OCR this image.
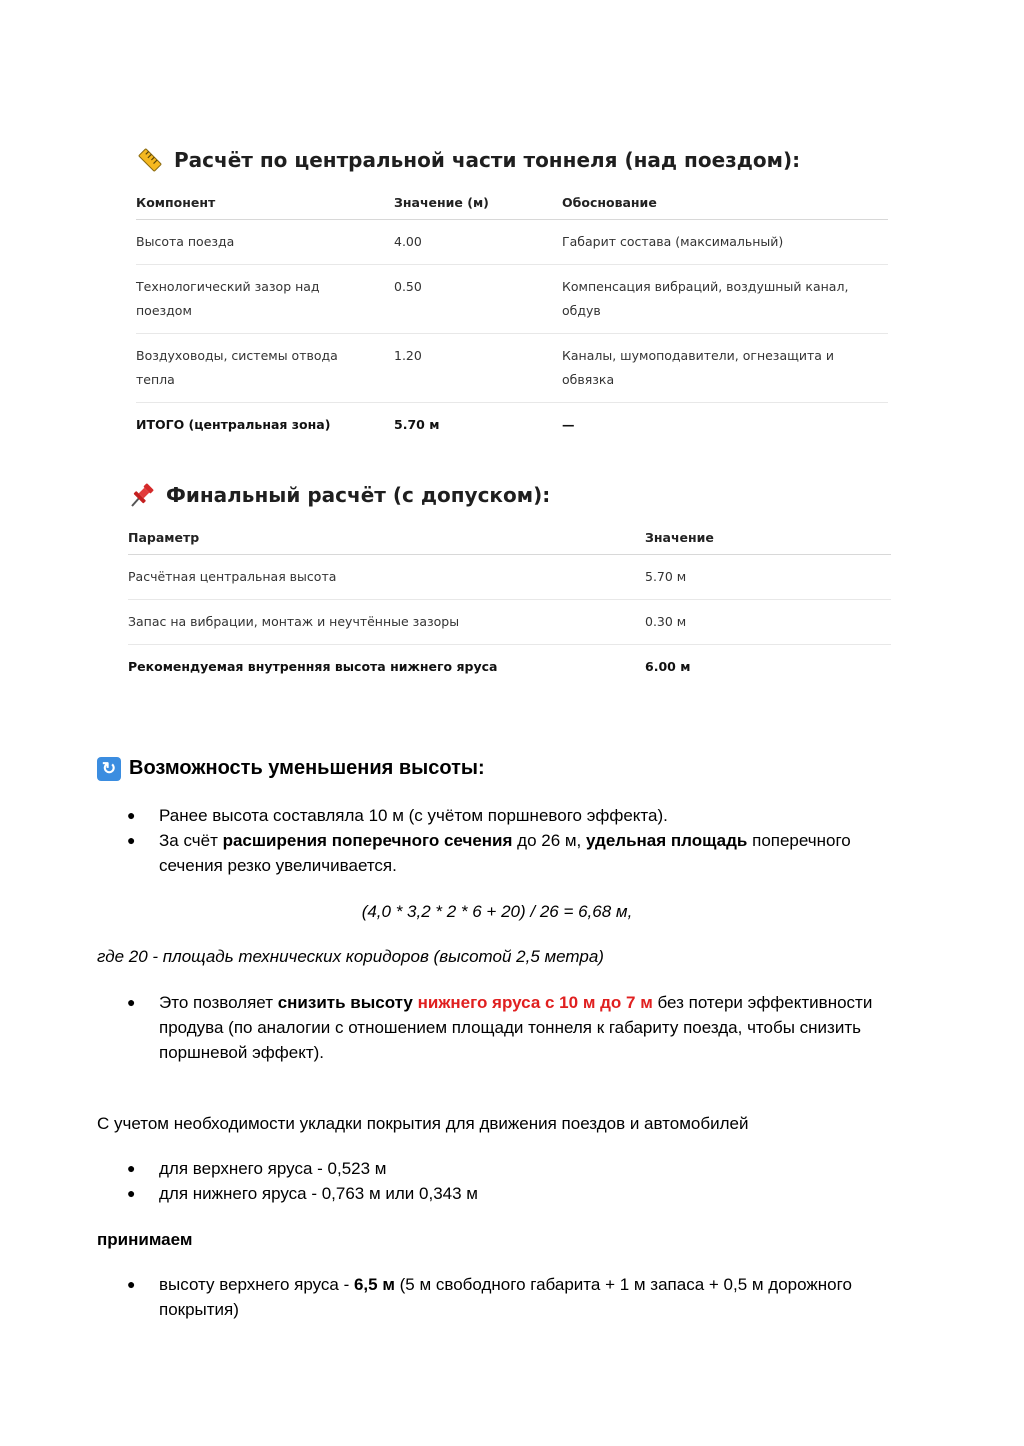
Расчёт по центральной части тоннеля (над поездом):
Компонент	Значение (м)	Обоснование
Высота поезда	4.00	Габарит состава (максимальный)
Технологический зазор над поездом	0.50	Компенсация вибраций, воздушный канал, обдув
Воздуховоды, системы отвода тепла	1.20	Каналы, шумоподавители, огнезащита и обвязка
ИТОГО (центральная зона)	5.70 м	—
Финальный расчёт (с допуском):
Параметр	Значение
Расчётная центральная высота	5.70 м
Запас на вибрации, монтаж и неучтённые зазоры	0.30 м
Рекомендуемая внутренняя высота нижнего яруса	6.00 м
↻ Возможность уменьшения высоты:
● Ранее высота составляла 10 м (с учётом поршневого эффекта).
● За счёт расширения поперечного сечения до 26 м, удельная площадь поперечного сечения резко увеличивается.
(4,0 * 3,2 * 2 * 6 + 20) / 26 = 6,68 м,
где 20 - площадь технических коридоров (высотой 2,5 метра)
● Это позволяет снизить высоту нижнего яруса с 10 м до 7 м без потери эффективности продува (по аналогии с отношением площади тоннеля к габариту поезда, чтобы снизить поршневой эффект).
С учетом необходимости укладки покрытия для движения поездов и автомобилей
● для верхнего яруса - 0,523 м
● для нижнего яруса - 0,763 м или 0,343 м
принимаем
● высоту верхнего яруса - 6,5 м (5 м свободного габарита + 1 м запаса + 0,5 м дорожного покрытия)
